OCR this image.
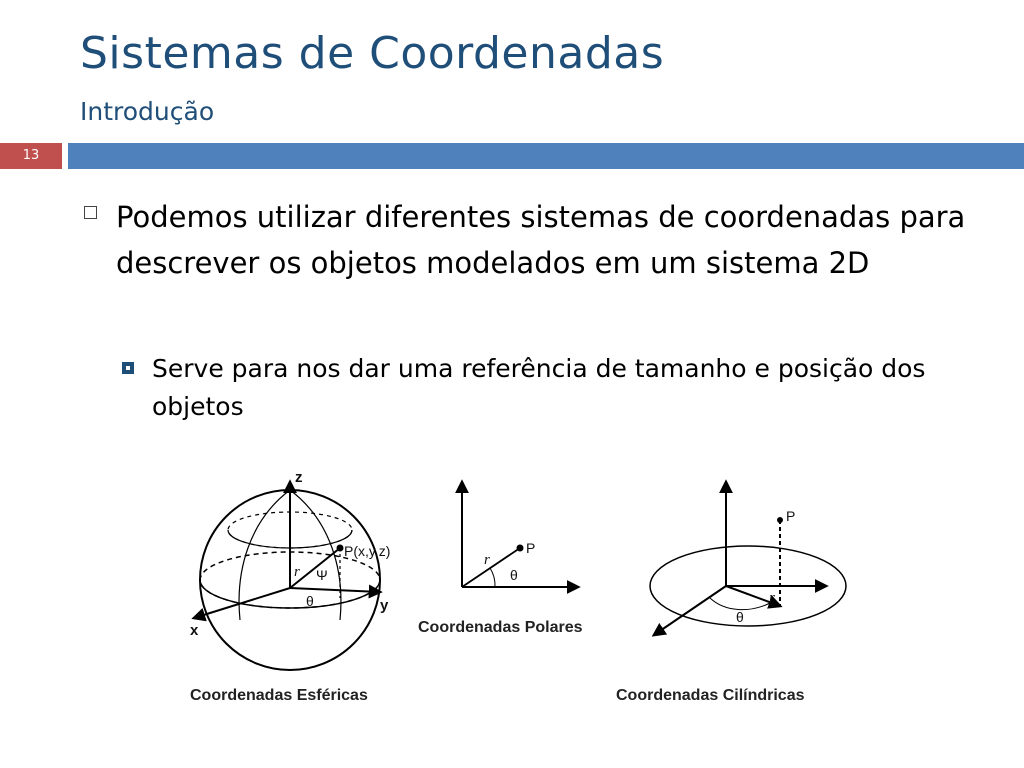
Sistemas de Coordenadas
Introdução
13
Podemos utilizar diferentes sistemas de coordenadas para descrever os objetos modelados em um sistema 2D
Serve para nos dar uma referência de tamanho e posição dos objetos
z
y
x
P(x,y,z)
r Ψ
θ
Coordenadas Esféricas
P
r
θ
Coordenadas Polares
P
r
θ
Coordenadas Cilíndricas
